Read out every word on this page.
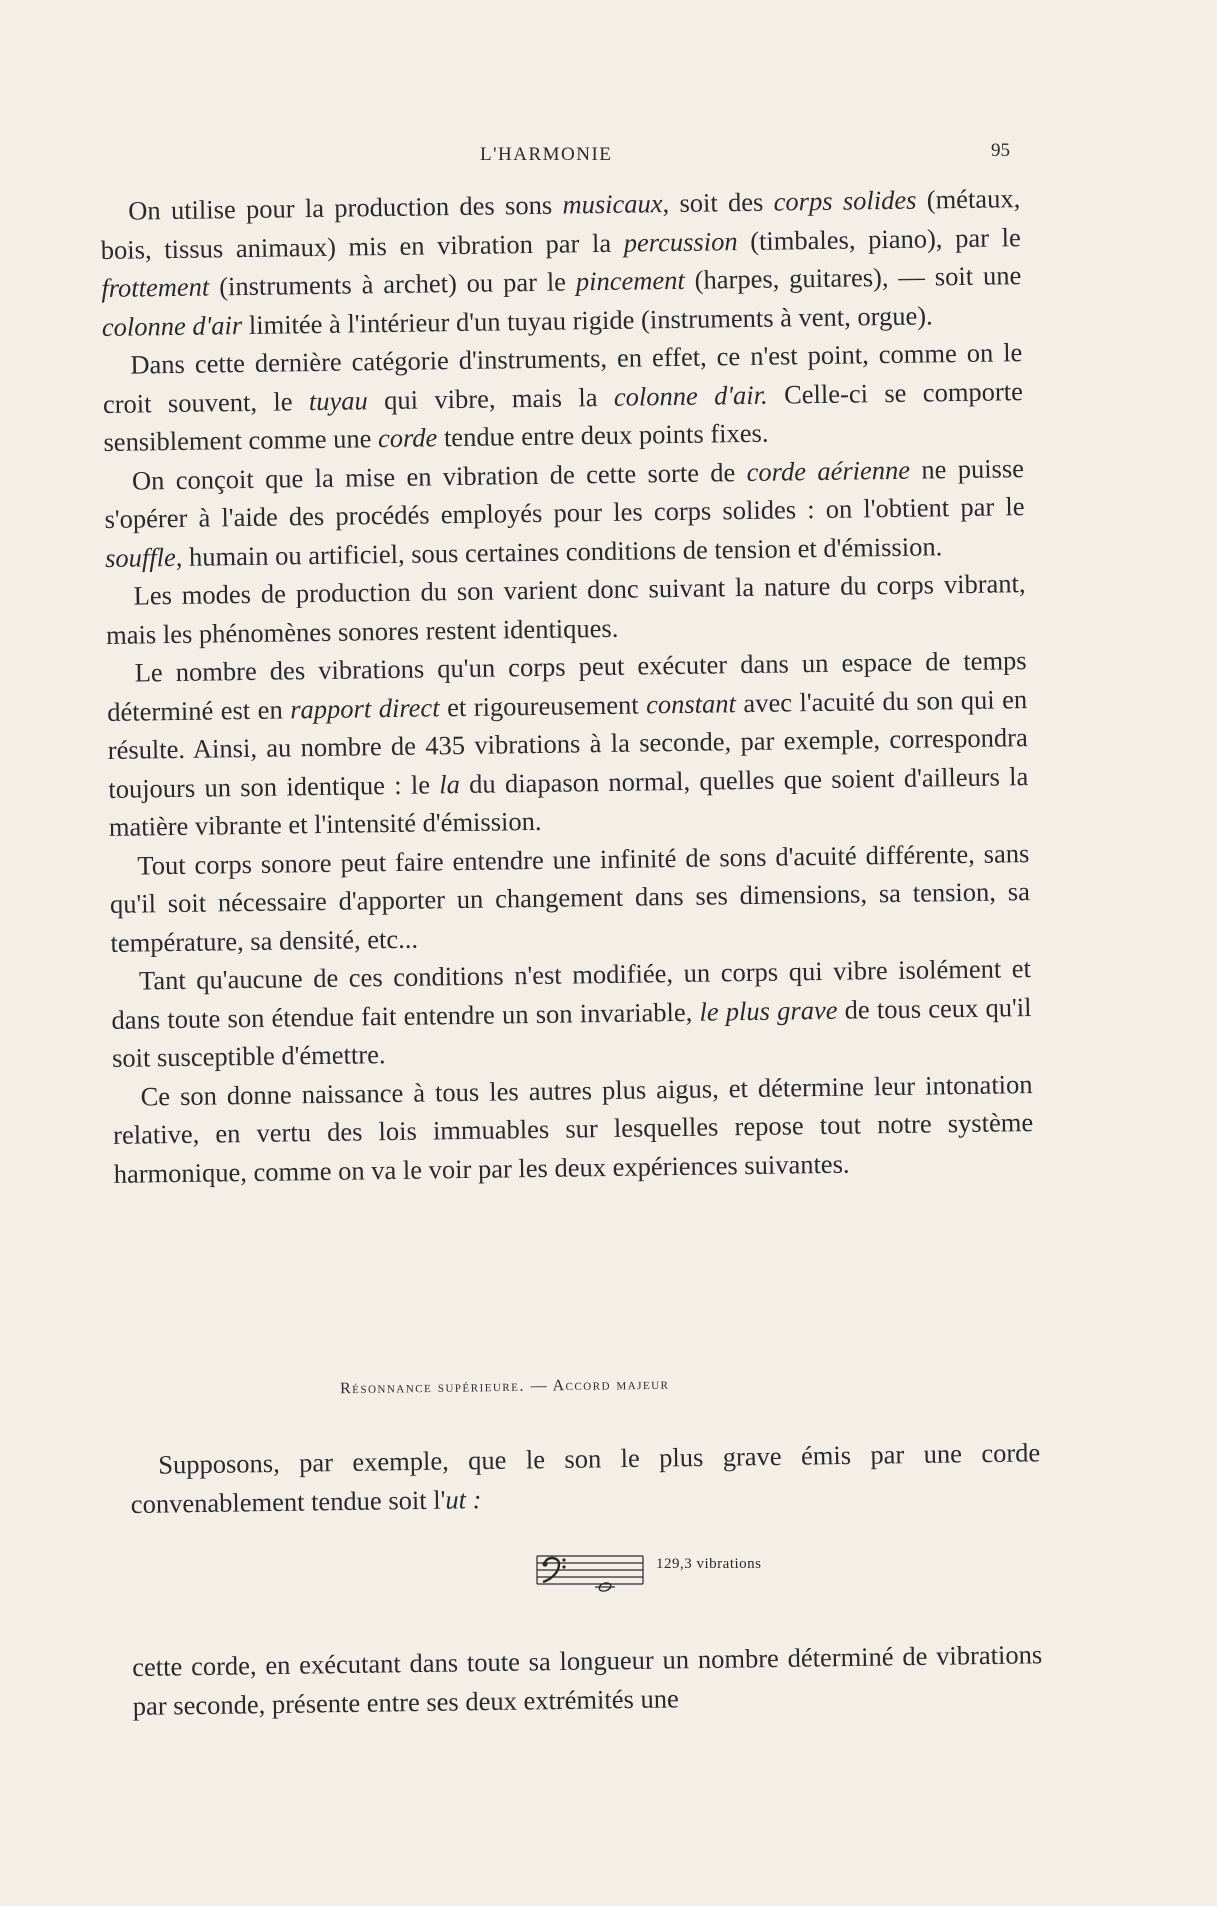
L'HARMONIE	95

On utilise pour la production des sons musicaux, soit des corps solides (métaux, bois, tissus animaux) mis en vibration par la percussion (timbales, piano), par le frottement (instruments à archet) ou par le pincement (harpes, guitares), — soit une colonne d'air limitée à l'intérieur d'un tuyau rigide (instruments à vent, orgue).

Dans cette dernière catégorie d'instruments, en effet, ce n'est point, comme on le croit souvent, le tuyau qui vibre, mais la colonne d'air. Celle-ci se comporte sensiblement comme une corde tendue entre deux points fixes.

On conçoit que la mise en vibration de cette sorte de corde aérienne ne puisse s'opérer à l'aide des procédés employés pour les corps solides : on l'obtient par le souffle, humain ou artificiel, sous certaines conditions de tension et d'émission.

Les modes de production du son varient donc suivant la nature du corps vibrant, mais les phénomènes sonores restent identiques.

Le nombre des vibrations qu'un corps peut exécuter dans un espace de temps déterminé est en rapport direct et rigoureusement constant avec l'acuité du son qui en résulte. Ainsi, au nombre de 435 vibrations à la seconde, par exemple, correspondra toujours un son identique : le la du diapason normal, quelles que soient d'ailleurs la matière vibrante et l'intensité d'émission.

Tout corps sonore peut faire entendre une infinité de sons d'acuité différente, sans qu'il soit nécessaire d'apporter un changement dans ses dimensions, sa tension, sa température, sa densité, etc...

Tant qu'aucune de ces conditions n'est modifiée, un corps qui vibre isolément et dans toute son étendue fait entendre un son invariable, le plus grave de tous ceux qu'il soit susceptible d'émettre.

Ce son donne naissance à tous les autres plus aigus, et détermine leur intonation relative, en vertu des lois immuables sur lesquelles repose tout notre système harmonique, comme on va le voir par les deux expériences suivantes.

Résonnance supérieure. — Accord majeur

Supposons, par exemple, que le son le plus grave émis par une corde convenablement tendue soit l'ut :

129,3 vibrations

cette corde, en exécutant dans toute sa longueur un nombre déterminé de vibrations par seconde, présente entre ses deux extrémités une
